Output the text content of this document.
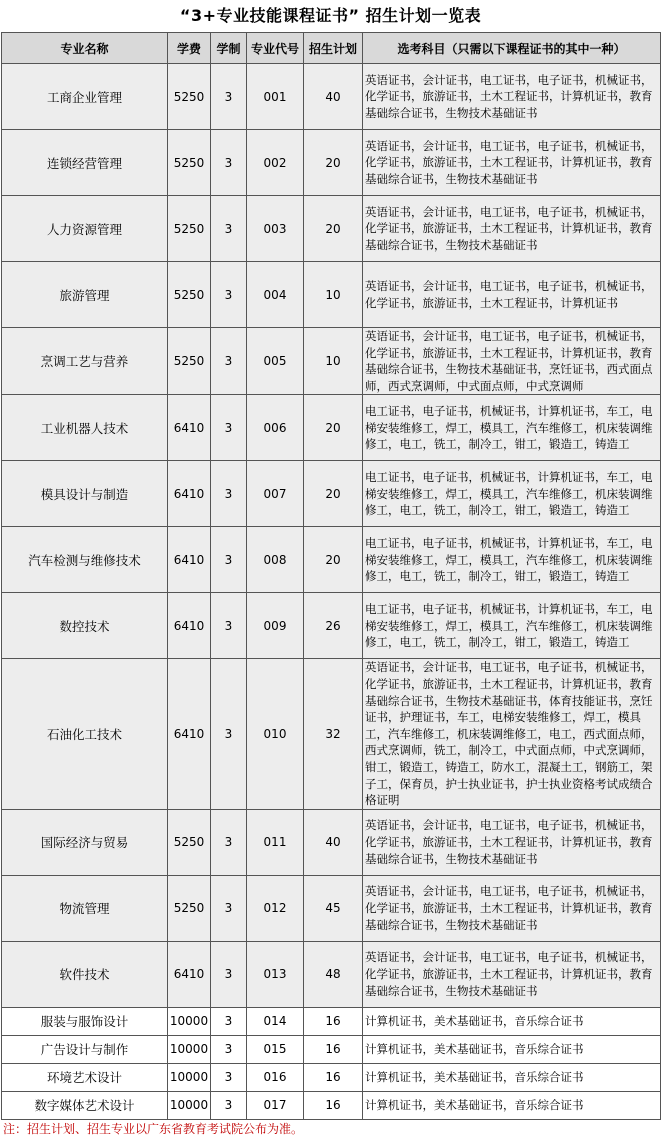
“3+专业技能课程证书” 招生计划一览表
专业名称	学费	学制	专业代号	招生计划	选考科目（只需以下课程证书的其中一种）
工商企业管理	5250	3	001	40	英语证书，会计证书，电工证书，电子证书，机械证书，化学证书，旅游证书，土木工程证书，计算机证书，教育基础综合证书，生物技术基础证书
连锁经营管理	5250	3	002	20	英语证书，会计证书，电工证书，电子证书，机械证书，化学证书，旅游证书，土木工程证书，计算机证书，教育基础综合证书，生物技术基础证书
人力资源管理	5250	3	003	20	英语证书，会计证书，电工证书，电子证书，机械证书，化学证书，旅游证书，土木工程证书，计算机证书，教育基础综合证书，生物技术基础证书
旅游管理	5250	3	004	10	英语证书，会计证书，电工证书，电子证书，机械证书，化学证书，旅游证书，土木工程证书，计算机证书
烹调工艺与营养	5250	3	005	10	英语证书，会计证书，电工证书，电子证书，机械证书，化学证书，旅游证书，土木工程证书，计算机证书，教育基础综合证书，生物技术基础证书，烹饪证书，西式面点师，西式烹调师，中式面点师，中式烹调师
工业机器人技术	6410	3	006	20	电工证书，电子证书，机械证书，计算机证书，车工，电梯安装维修工，焊工，模具工，汽车维修工，机床装调维修工，电工，铣工，制冷工，钳工，锻造工，铸造工
模具设计与制造	6410	3	007	20	电工证书，电子证书，机械证书，计算机证书，车工，电梯安装维修工，焊工，模具工，汽车维修工，机床装调维修工，电工，铣工，制冷工，钳工，锻造工，铸造工
汽车检测与维修技术	6410	3	008	20	电工证书，电子证书，机械证书，计算机证书，车工，电梯安装维修工，焊工，模具工，汽车维修工，机床装调维修工，电工，铣工，制冷工，钳工，锻造工，铸造工
数控技术	6410	3	009	26	电工证书，电子证书，机械证书，计算机证书，车工，电梯安装维修工，焊工，模具工，汽车维修工，机床装调维修工，电工，铣工，制冷工，钳工，锻造工，铸造工
石油化工技术	6410	3	010	32	英语证书，会计证书，电工证书，电子证书，机械证书，化学证书，旅游证书，土木工程证书，计算机证书，教育基础综合证书，生物技术基础证书，体育技能证书，烹饪证书，护理证书，车工，电梯安装维修工，焊工，模具工，汽车维修工，机床装调维修工，电工，西式面点师，西式烹调师，铣工，制冷工，中式面点师，中式烹调师，钳工，锻造工，铸造工，防水工，混凝土工，钢筋工，架子工，保育员，护士执业证书，护士执业资格考试成绩合格证明
国际经济与贸易	5250	3	011	40	英语证书，会计证书，电工证书，电子证书，机械证书，化学证书，旅游证书，土木工程证书，计算机证书，教育基础综合证书，生物技术基础证书
物流管理	5250	3	012	45	英语证书，会计证书，电工证书，电子证书，机械证书，化学证书，旅游证书，土木工程证书，计算机证书，教育基础综合证书，生物技术基础证书
软件技术	6410	3	013	48	英语证书，会计证书，电工证书，电子证书，机械证书，化学证书，旅游证书，土木工程证书，计算机证书，教育基础综合证书，生物技术基础证书
服装与服饰设计	10000	3	014	16	计算机证书，美术基础证书，音乐综合证书
广告设计与制作	10000	3	015	16	计算机证书，美术基础证书，音乐综合证书
环境艺术设计	10000	3	016	16	计算机证书，美术基础证书，音乐综合证书
数字媒体艺术设计	10000	3	017	16	计算机证书，美术基础证书，音乐综合证书
注：招生计划、招生专业以广东省教育考试院公布为准。
